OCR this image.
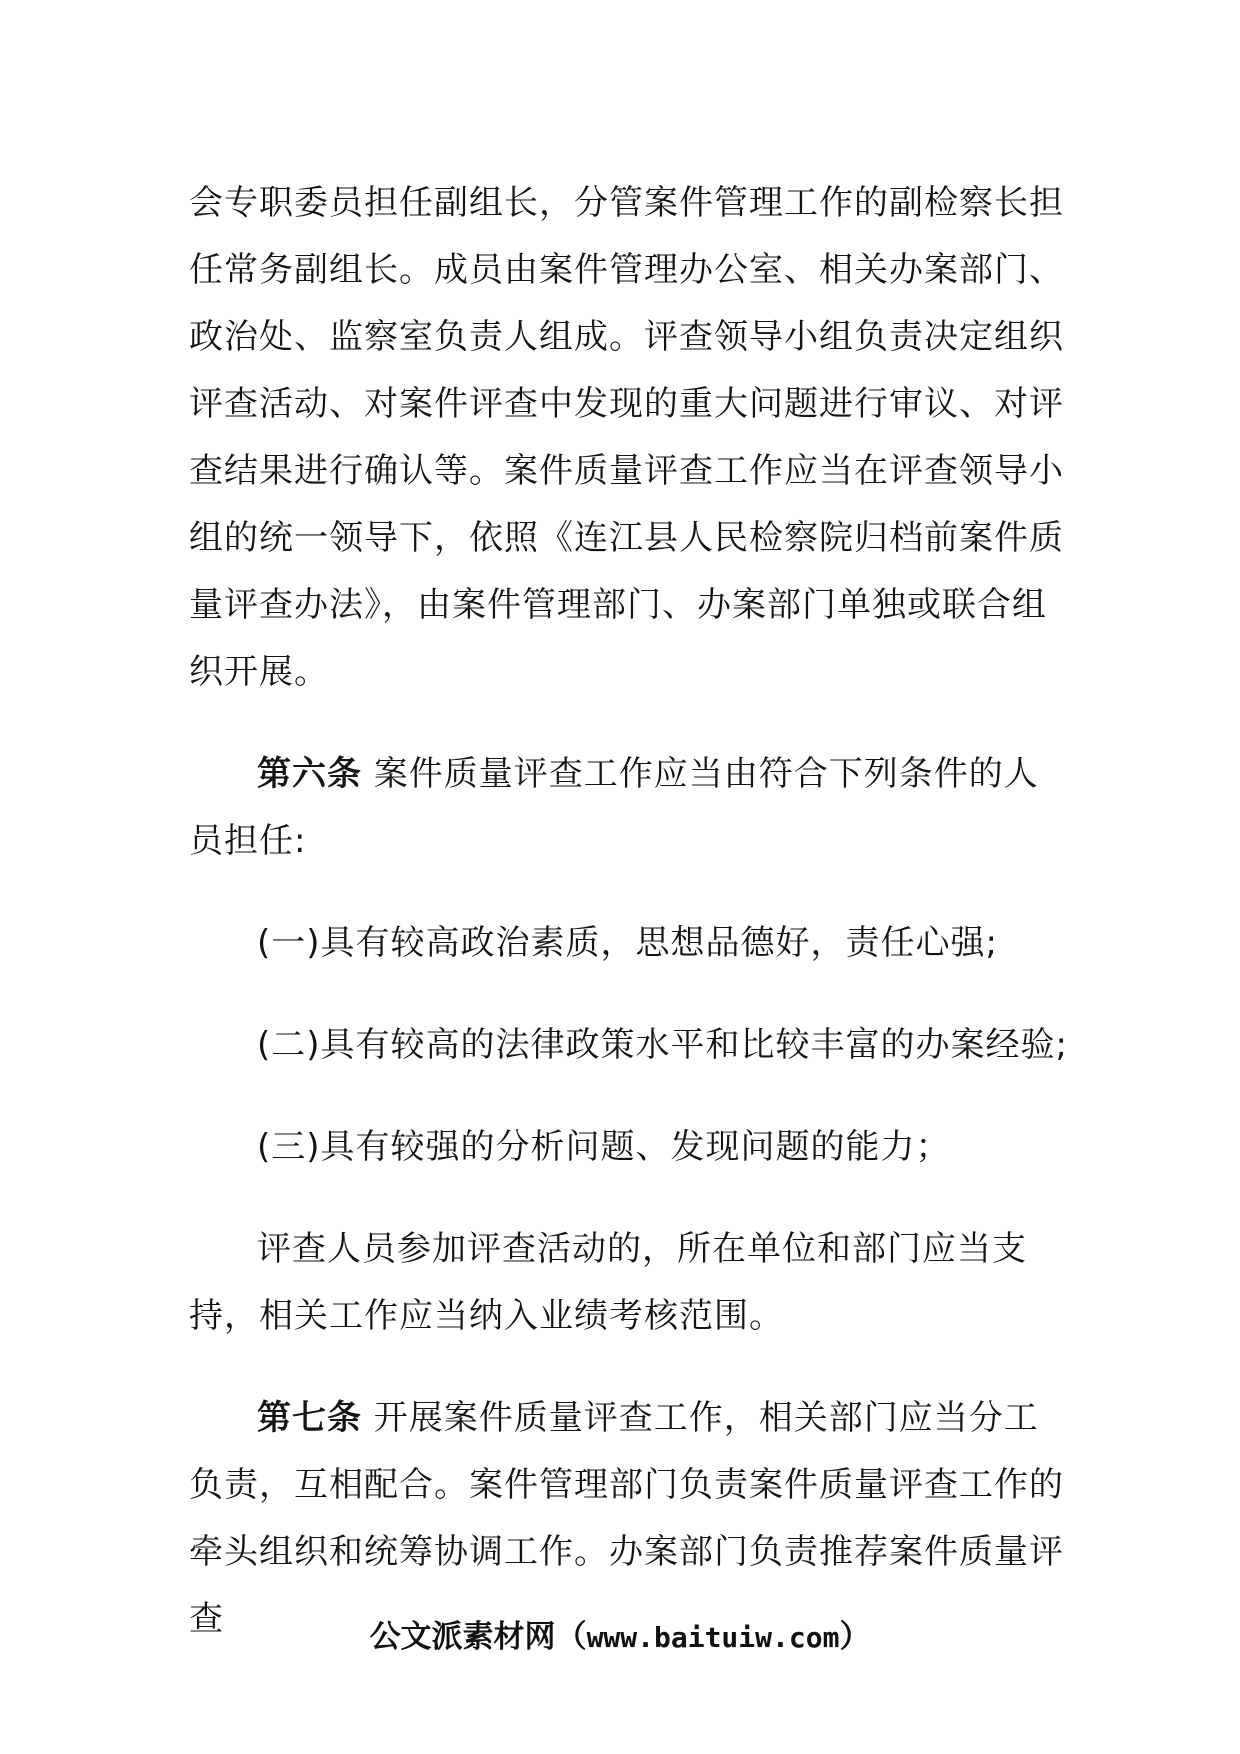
会专职委员担任副组长，分管案件管理工作的副检察长担任常务副组长。成员由案件管理办公室、相关办案部门、政治处、监察室负责人组成。评查领导小组负责决定组织评查活动、对案件评查中发现的重大问题进行审议、对评查结果进行确认等。案件质量评查工作应当在评查领导小组的统一领导下，依照《连江县人民检察院归档前案件质量评查办法》，由案件管理部门、办案部门单独或联合组织开展。

第六条 案件质量评查工作应当由符合下列条件的人员担任:

(一)具有较高政治素质，思想品德好，责任心强;

(二)具有较高的法律政策水平和比较丰富的办案经验;

(三)具有较强的分析问题、发现问题的能力；

评查人员参加评查活动的，所在单位和部门应当支持，相关工作应当纳入业绩考核范围。

第七条 开展案件质量评查工作，相关部门应当分工负责，互相配合。案件管理部门负责案件质量评查工作的牵头组织和统筹协调工作。办案部门负责推荐案件质量评查	公文派素材网（www.baituiw.com）
